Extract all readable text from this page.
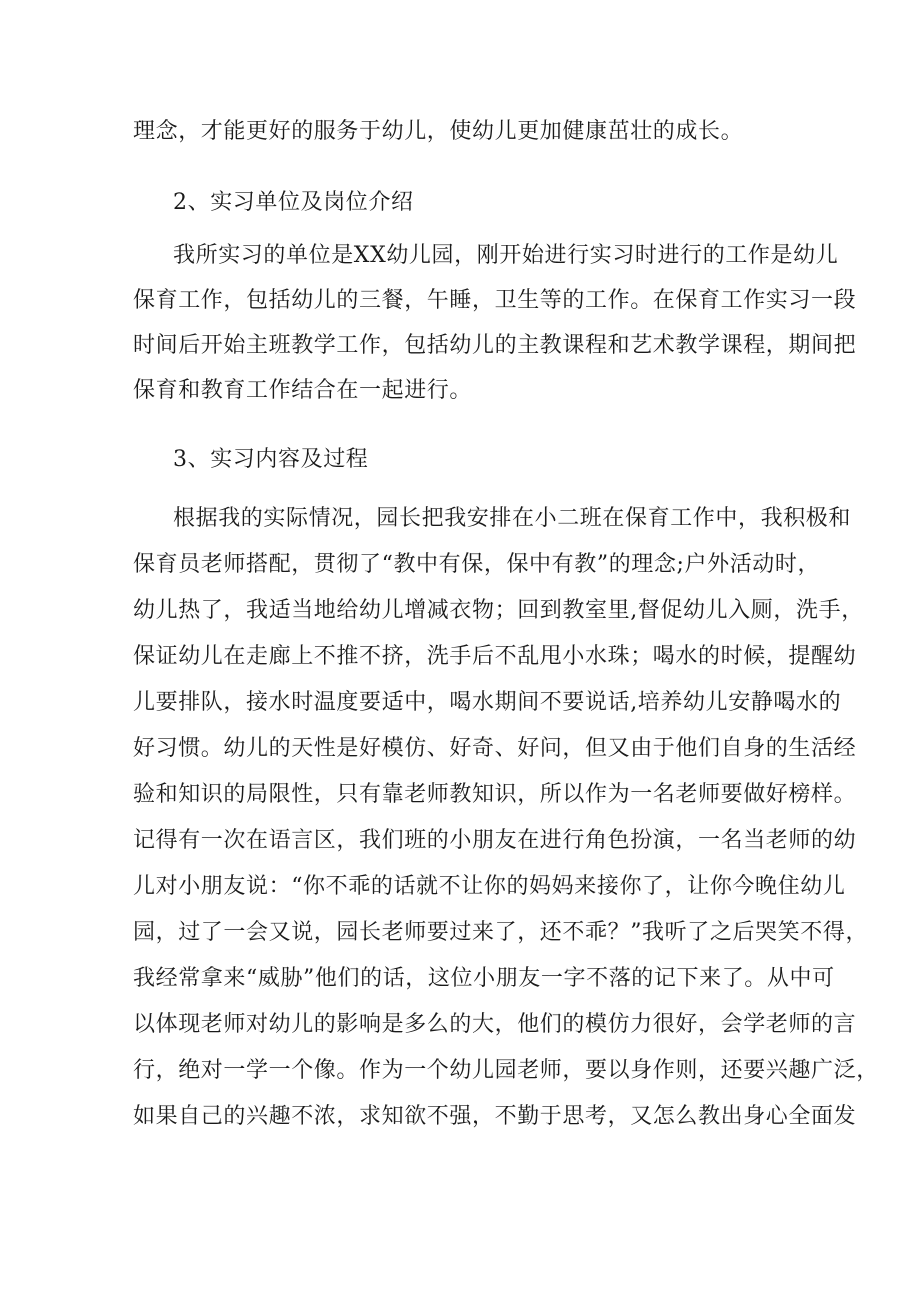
理念，才能更好的服务于幼儿，使幼儿更加健康茁壮的成长。
2、实习单位及岗位介绍
我所实习的单位是XX幼儿园，刚开始进行实习时进行的工作是幼儿
保育工作，包括幼儿的三餐，午睡，卫生等的工作。在保育工作实习一段
时间后开始主班教学工作，包括幼儿的主教课程和艺术教学课程，期间把
保育和教育工作结合在一起进行。
3、实习内容及过程
根据我的实际情况，园长把我安排在小二班在保育工作中，我积极和
保育员老师搭配，贯彻了“教中有保，保中有教”的理念;户外活动时，
幼儿热了，我适当地给幼儿增减衣物；回到教室里,督促幼儿入厕，洗手，
保证幼儿在走廊上不推不挤，洗手后不乱甩小水珠；喝水的时候，提醒幼
儿要排队，接水时温度要适中，喝水期间不要说话,培养幼儿安静喝水的
好习惯。幼儿的天性是好模仿、好奇、好问，但又由于他们自身的生活经
验和知识的局限性，只有靠老师教知识，所以作为一名老师要做好榜样。
记得有一次在语言区，我们班的小朋友在进行角色扮演，一名当老师的幼
儿对小朋友说：“你不乖的话就不让你的妈妈来接你了，让你今晚住幼儿
园，过了一会又说，园长老师要过来了，还不乖？”我听了之后哭笑不得，
我经常拿来“威胁”他们的话，这位小朋友一字不落的记下来了。从中可
以体现老师对幼儿的影响是多么的大，他们的模仿力很好，会学老师的言
行，绝对一学一个像。作为一个幼儿园老师，要以身作则，还要兴趣广泛，
如果自己的兴趣不浓，求知欲不强，不勤于思考，又怎么教出身心全面发
